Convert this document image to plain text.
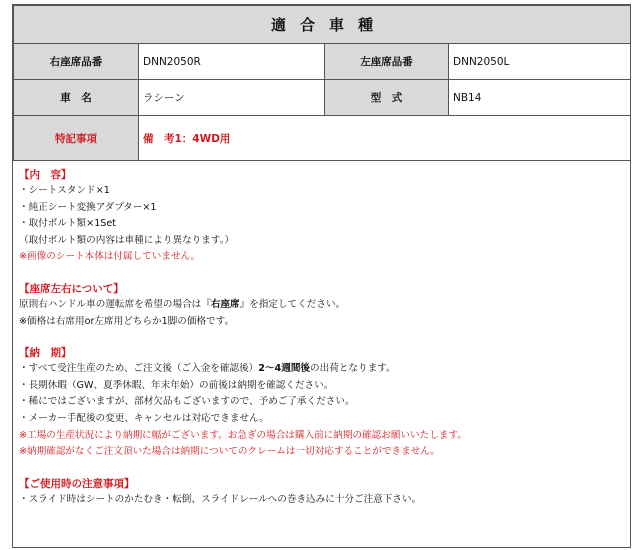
適合車種			
右座席品番	DNN2050R	左座席品番	DNN2050L
車　名	ラシーン	型　式	NB14
特記事項	備　考1：4WD用		
【内　容】
・シートスタンド×1
・純正シート変換アダプター×1
・取付ボルト類×1Set
（取付ボルト類の内容は車種により異なります。）
※画像のシート本体は付属していません。
【座席左右について】
原則右ハンドル車の運転席を希望の場合は『右座席』を指定してください。
※価格は右席用or左席用どちらか1脚の価格です。
【納　期】
・すべて受注生産のため、ご注文後（ご入金を確認後）2〜4週間後の出荷となります。
・長期休暇（GW、夏季休暇、年末年始）の前後は納期を確認ください。
・稀にではございますが、部材欠品もございますので、予めご了承ください。
・メーカー手配後の変更、キャンセルは対応できません。
※工場の生産状況により納期に幅がございます。お急ぎの場合は購入前に納期の確認お願いいたします。
※納期確認がなくご注文頂いた場合は納期についてのクレームは一切対応することができません。
【ご使用時の注意事項】
・スライド時はシートのかたむき・転倒、スライドレールへの巻き込みに十分ご注意下さい。
